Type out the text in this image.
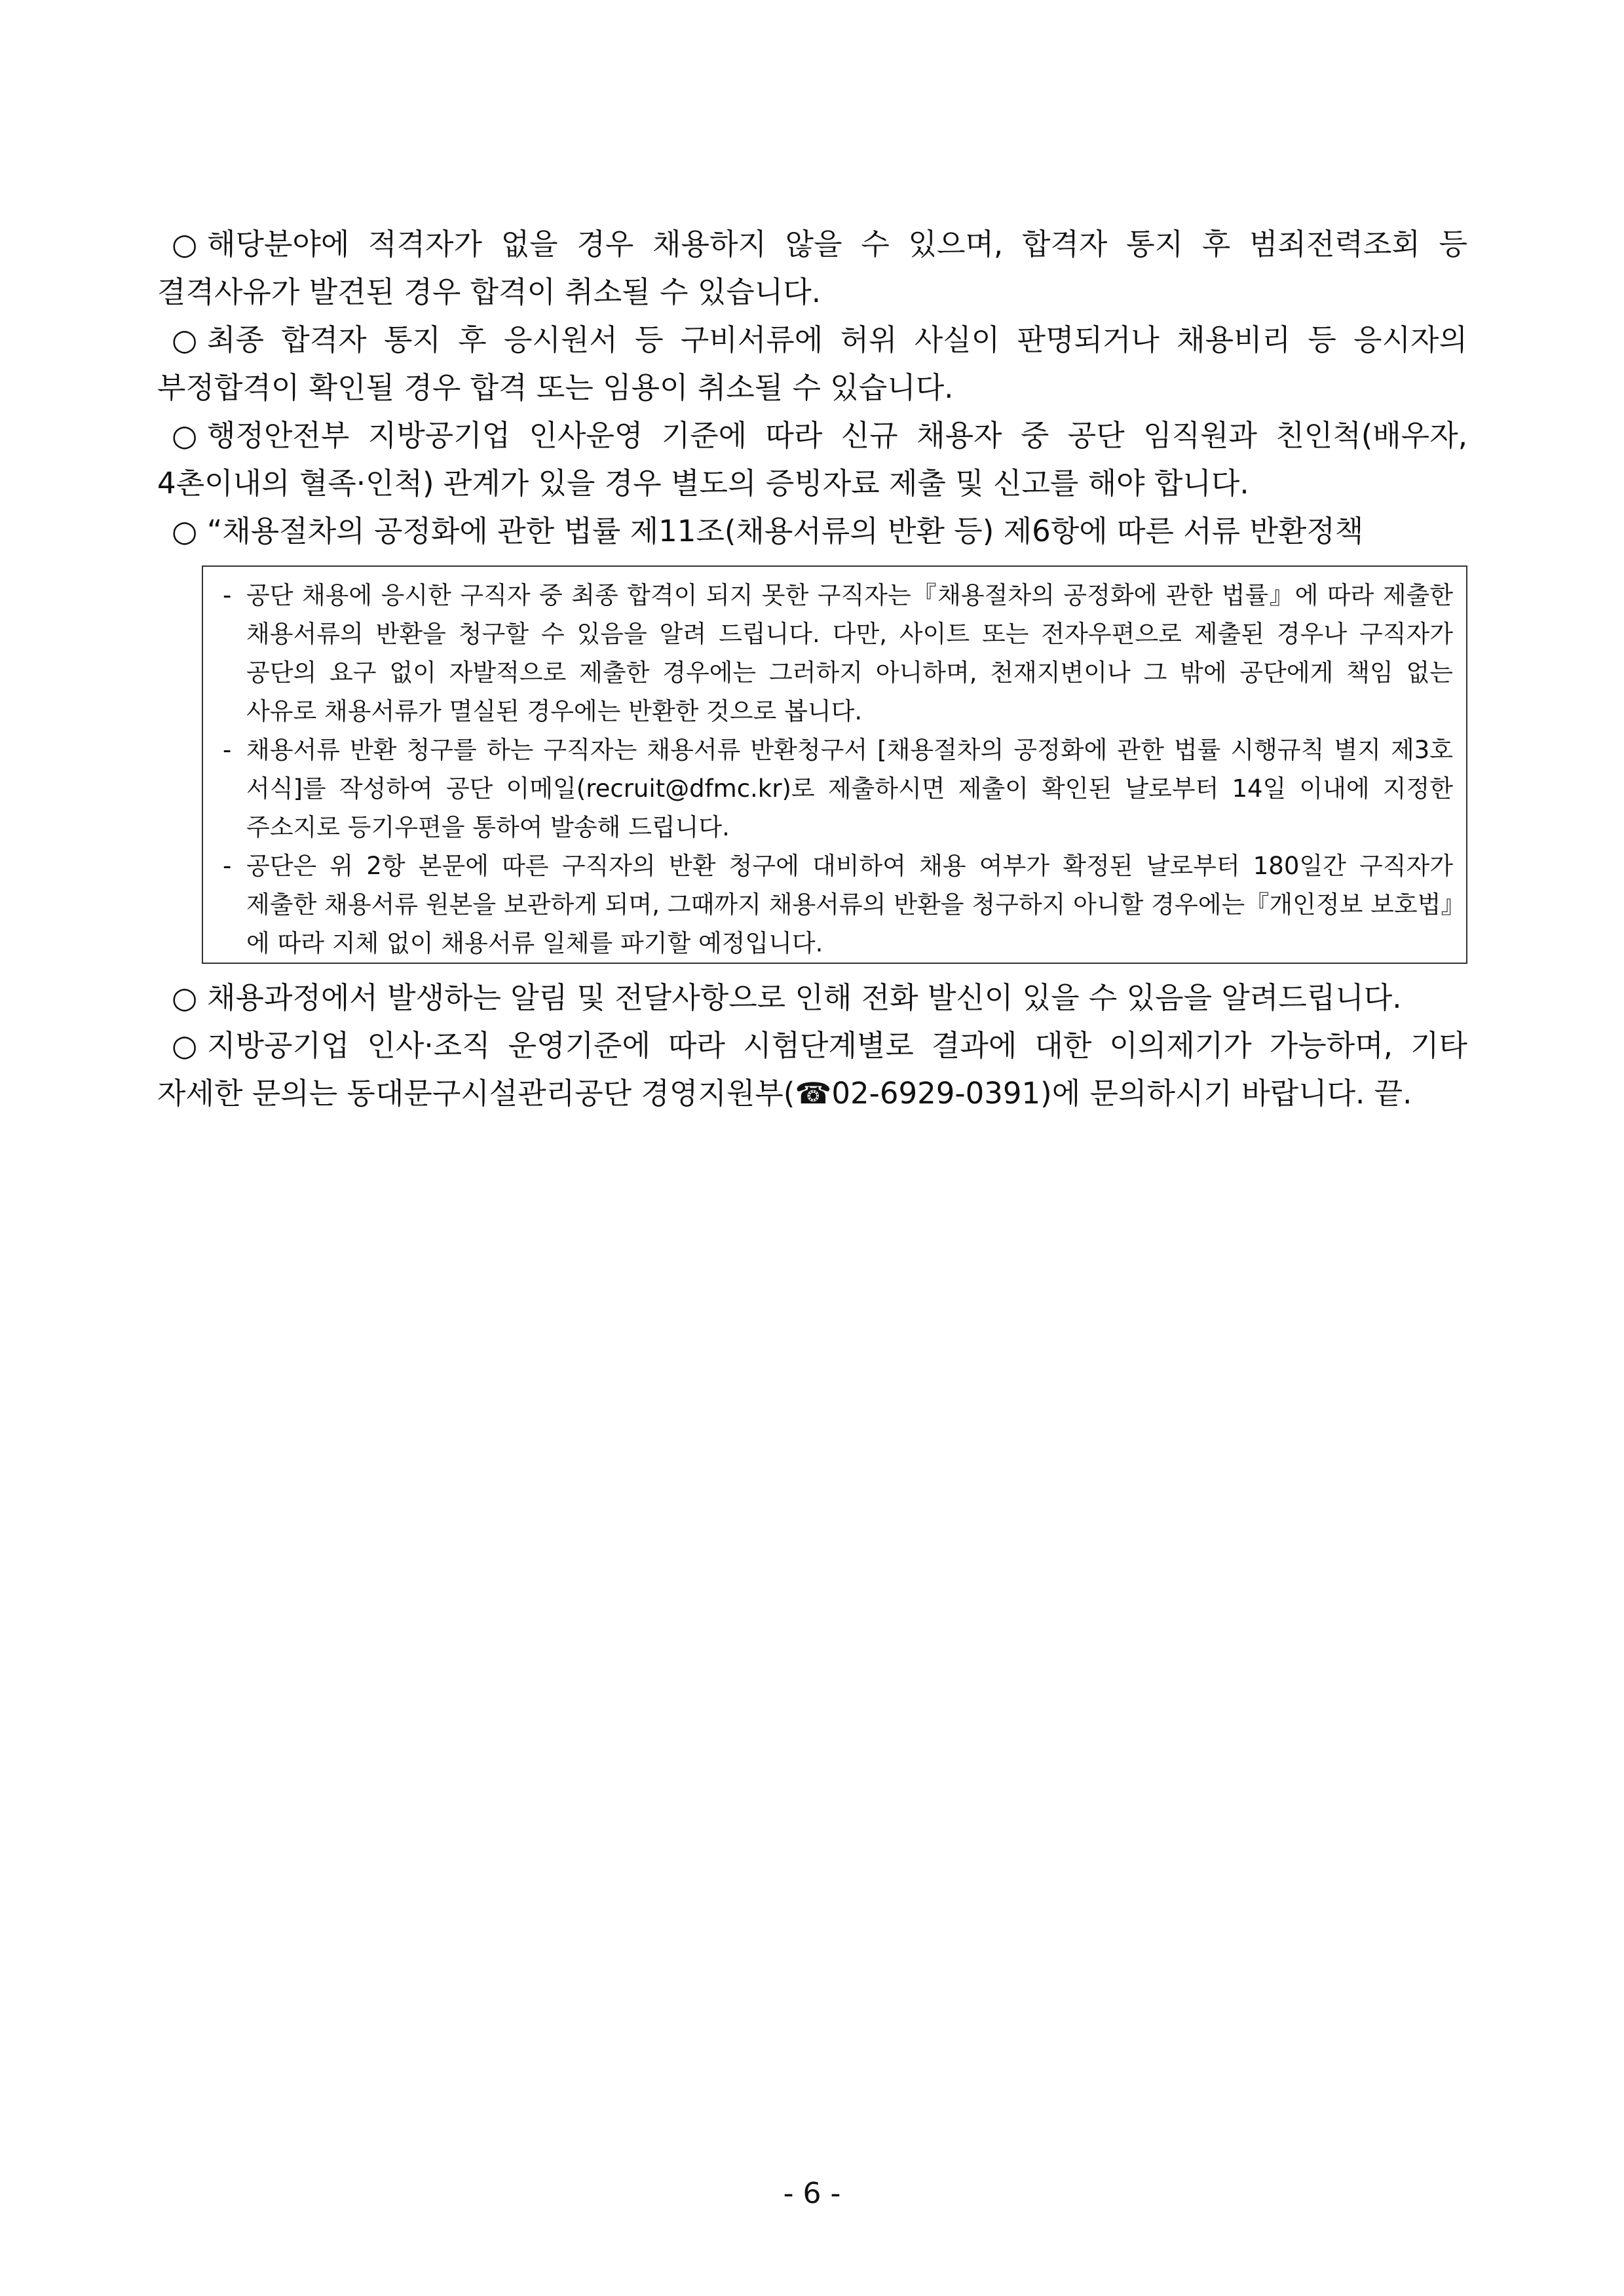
○ 해당분야에 적격자가 없을 경우 채용하지 않을 수 있으며, 합격자 통지 후 범죄전력조회 등 결격사유가 발견된 경우 합격이 취소될 수 있습니다.
○ 최종 합격자 통지 후 응시원서 등 구비서류에 허위 사실이 판명되거나 채용비리 등 응시자의 부정합격이 확인될 경우 합격 또는 임용이 취소될 수 있습니다.
○ 행정안전부 지방공기업 인사운영 기준에 따라 신규 채용자 중 공단 임직원과 친인척(배우자, 4촌이내의 혈족·인척) 관계가 있을 경우 별도의 증빙자료 제출 및 신고를 해야 합니다.
○ “채용절차의 공정화에 관한 법률 제11조(채용서류의 반환 등) 제6항에 따른 서류 반환정책
- 공단 채용에 응시한 구직자 중 최종 합격이 되지 못한 구직자는『채용절차의 공정화에 관한 법률』에 따라 제출한 채용서류의 반환을 청구할 수 있음을 알려 드립니다. 다만, 사이트 또는 전자우편으로 제출된 경우나 구직자가 공단의 요구 없이 자발적으로 제출한 경우에는 그러하지 아니하며, 천재지변이나 그 밖에 공단에게 책임 없는 사유로 채용서류가 멸실된 경우에는 반환한 것으로 봅니다.
- 채용서류 반환 청구를 하는 구직자는 채용서류 반환청구서 [채용절차의 공정화에 관한 법률 시행규칙 별지 제3호 서식]를 작성하여 공단 이메일(recruit@dfmc.kr)로 제출하시면 제출이 확인된 날로부터 14일 이내에 지정한 주소지로 등기우편을 통하여 발송해 드립니다.
- 공단은 위 2항 본문에 따른 구직자의 반환 청구에 대비하여 채용 여부가 확정된 날로부터 180일간 구직자가 제출한 채용서류 원본을 보관하게 되며, 그때까지 채용서류의 반환을 청구하지 아니할 경우에는『개인정보 보호법』에 따라 지체 없이 채용서류 일체를 파기할 예정입니다.
○ 채용과정에서 발생하는 알림 및 전달사항으로 인해 전화 발신이 있을 수 있음을 알려드립니다.
○ 지방공기업 인사·조직 운영기준에 따라 시험단계별로 결과에 대한 이의제기가 가능하며, 기타 자세한 문의는 동대문구시설관리공단 경영지원부(☎02-6929-0391)에 문의하시기 바랍니다. 끝.
- 6 -
